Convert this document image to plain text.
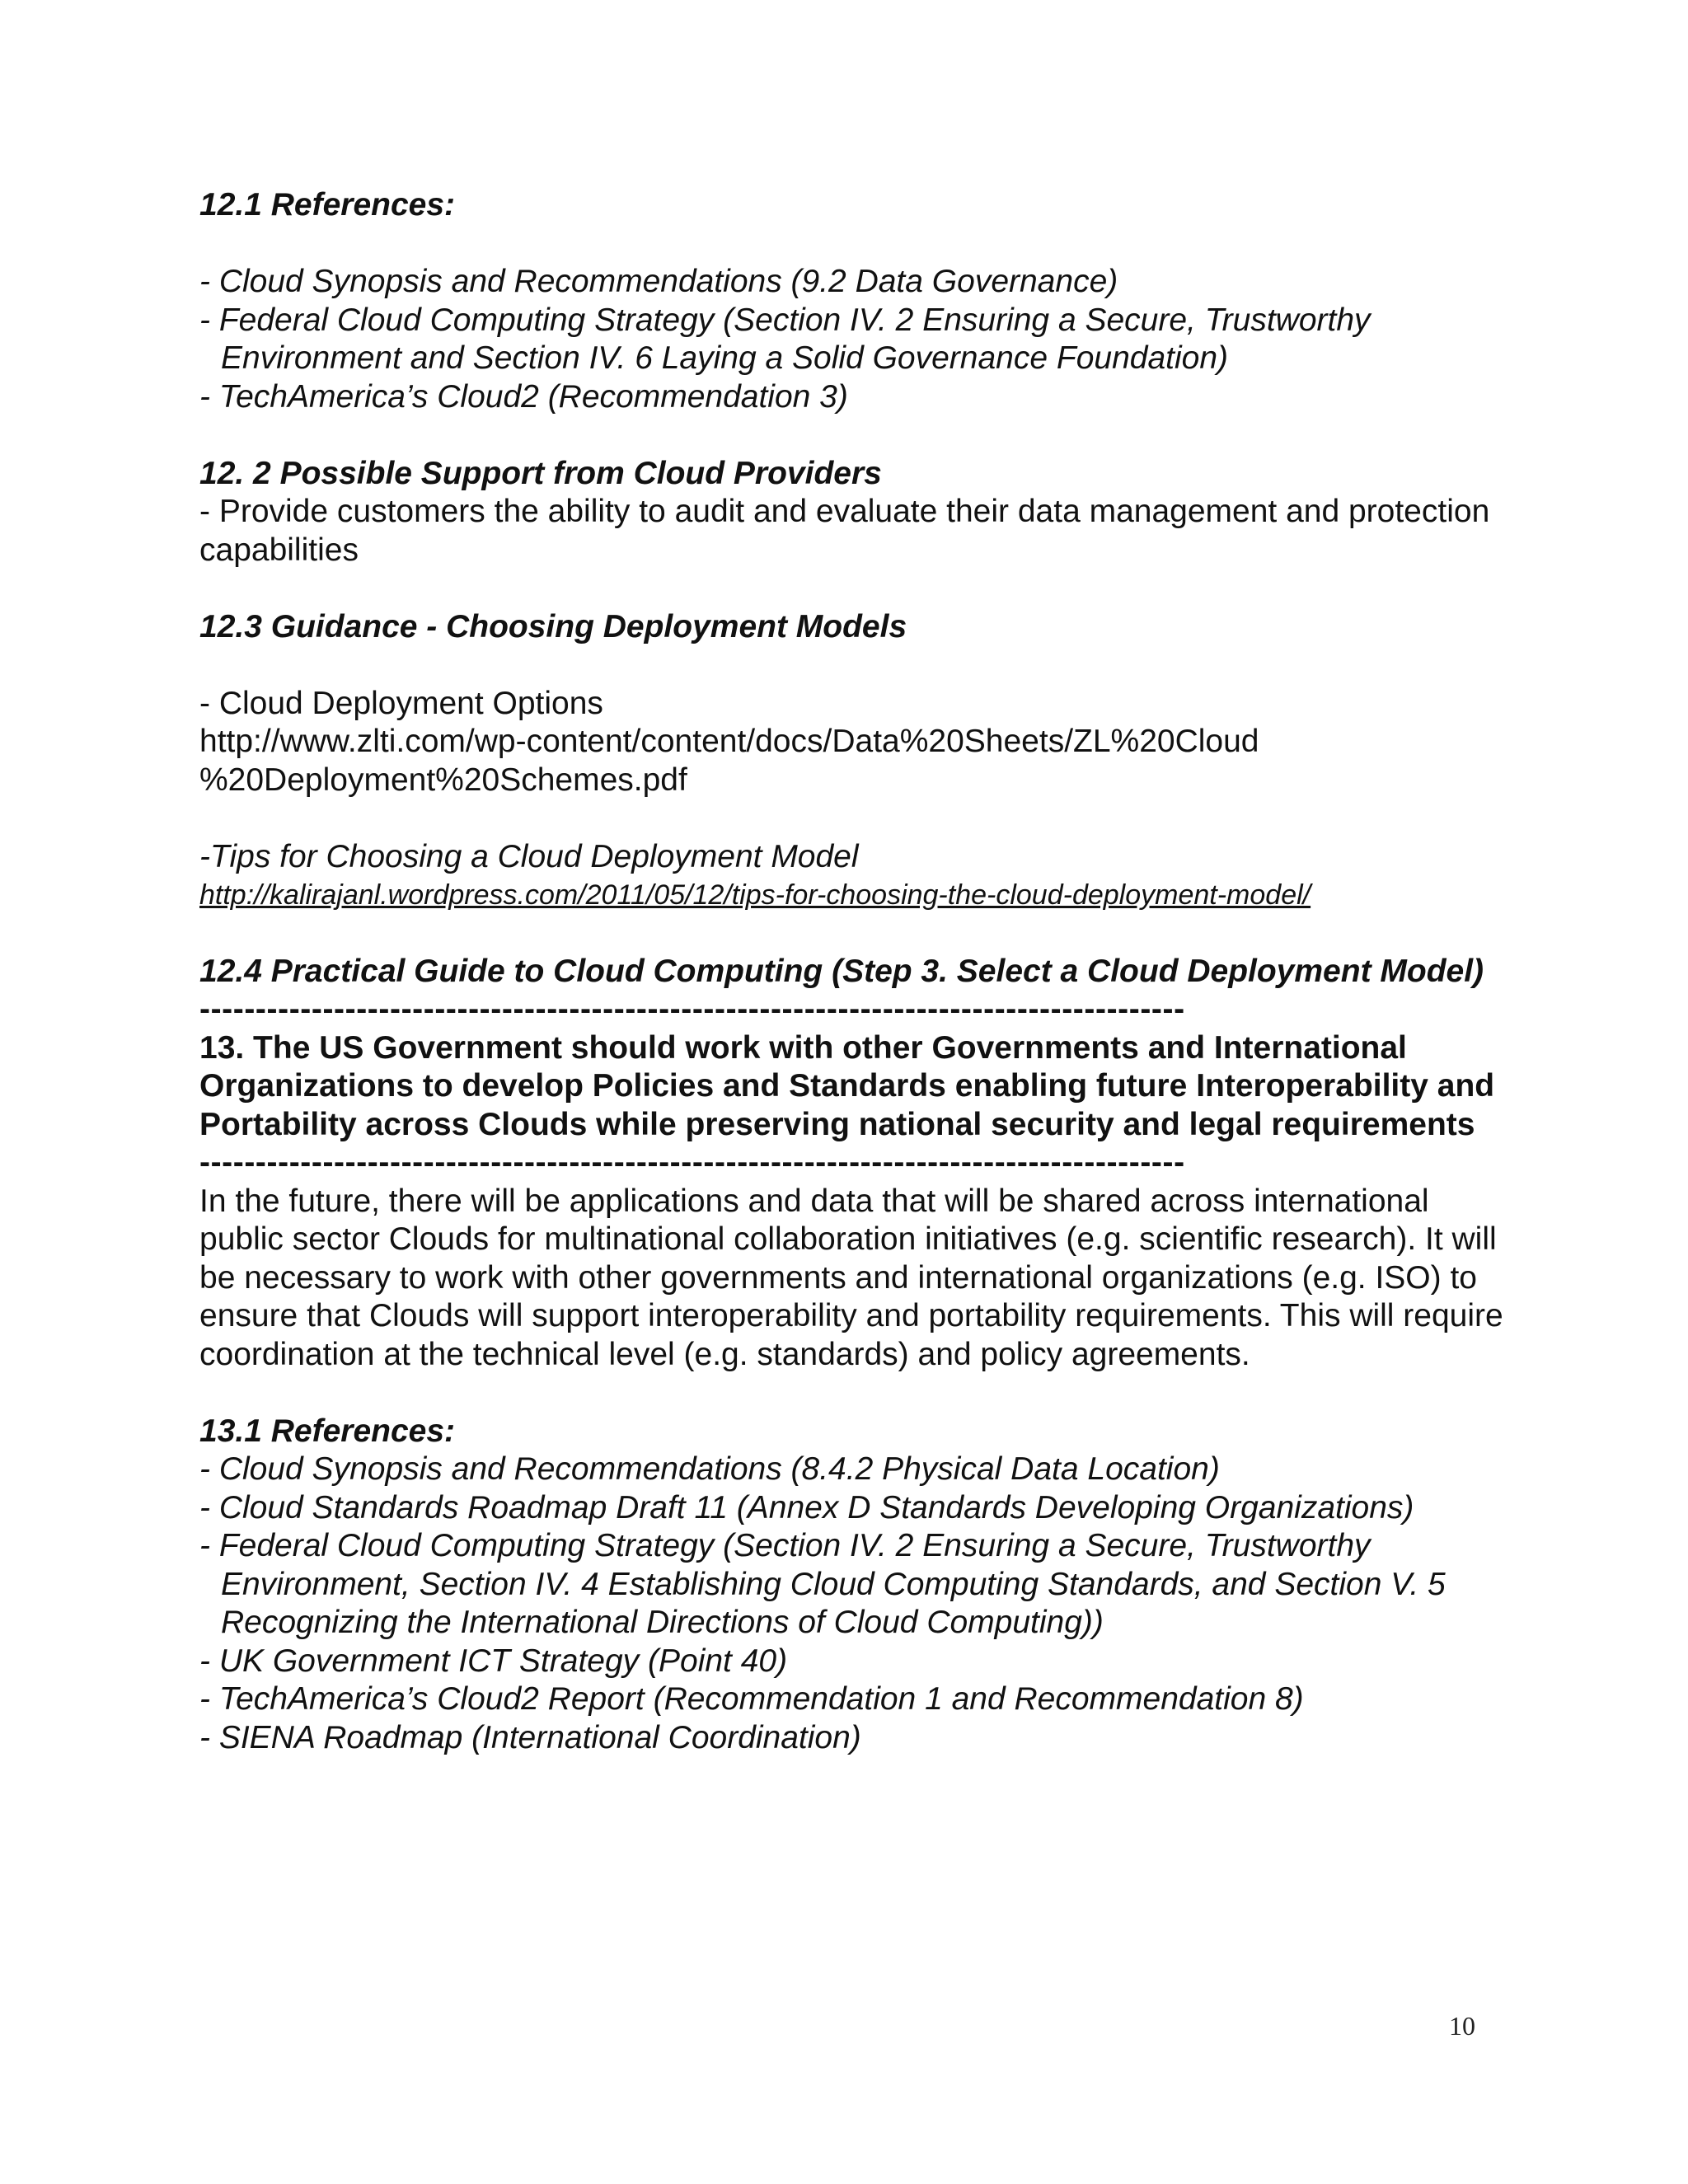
12.1 References:

- Cloud Synopsis and Recommendations (9.2 Data Governance)
- Federal Cloud Computing Strategy (Section IV. 2 Ensuring a Secure, Trustworthy Environment and Section IV. 6 Laying a Solid Governance Foundation)
- TechAmerica’s Cloud2 (Recommendation 3)

12. 2 Possible Support from Cloud Providers

- Provide customers the ability to audit and evaluate their data management and protection capabilities

12.3 Guidance - Choosing Deployment Models

- Cloud Deployment Options

http://www.zlti.com/wp-content/content/docs/Data%20Sheets/ZL%20Cloud

%20Deployment%20Schemes.pdf

-Tips for Choosing a Cloud Deployment Model

http://kalirajanl.wordpress.com/2011/05/12/tips-for-choosing-the-cloud-deployment-model/

12.4 Practical Guide to Cloud Computing (Step 3. Select a Cloud Deployment Model)

----------------------------------------------------------------------------------------

13. The US Government should work with other Governments and International Organizations to develop Policies and Standards enabling future Interoperability and Portability across Clouds while preserving national security and legal requirements

----------------------------------------------------------------------------------------

In the future, there will be applications and data that will be shared across international public sector Clouds for multinational collaboration initiatives (e.g. scientific research). It will be necessary to work with other governments and international organizations (e.g. ISO) to ensure that Clouds will support interoperability and portability requirements. This will require coordination at the technical level (e.g. standards) and policy agreements.

13.1 References:

- Cloud Synopsis and Recommendations (8.4.2 Physical Data Location)
- Cloud Standards Roadmap Draft 11 (Annex D Standards Developing Organizations)
- Federal Cloud Computing Strategy (Section IV. 2 Ensuring a Secure, Trustworthy Environment, Section IV. 4 Establishing Cloud Computing Standards, and Section V. 5 Recognizing the International Directions of Cloud Computing))
- UK Government ICT Strategy (Point 40)
- TechAmerica’s Cloud2 Report (Recommendation 1 and Recommendation 8)
- SIENA Roadmap (International Coordination)
10
